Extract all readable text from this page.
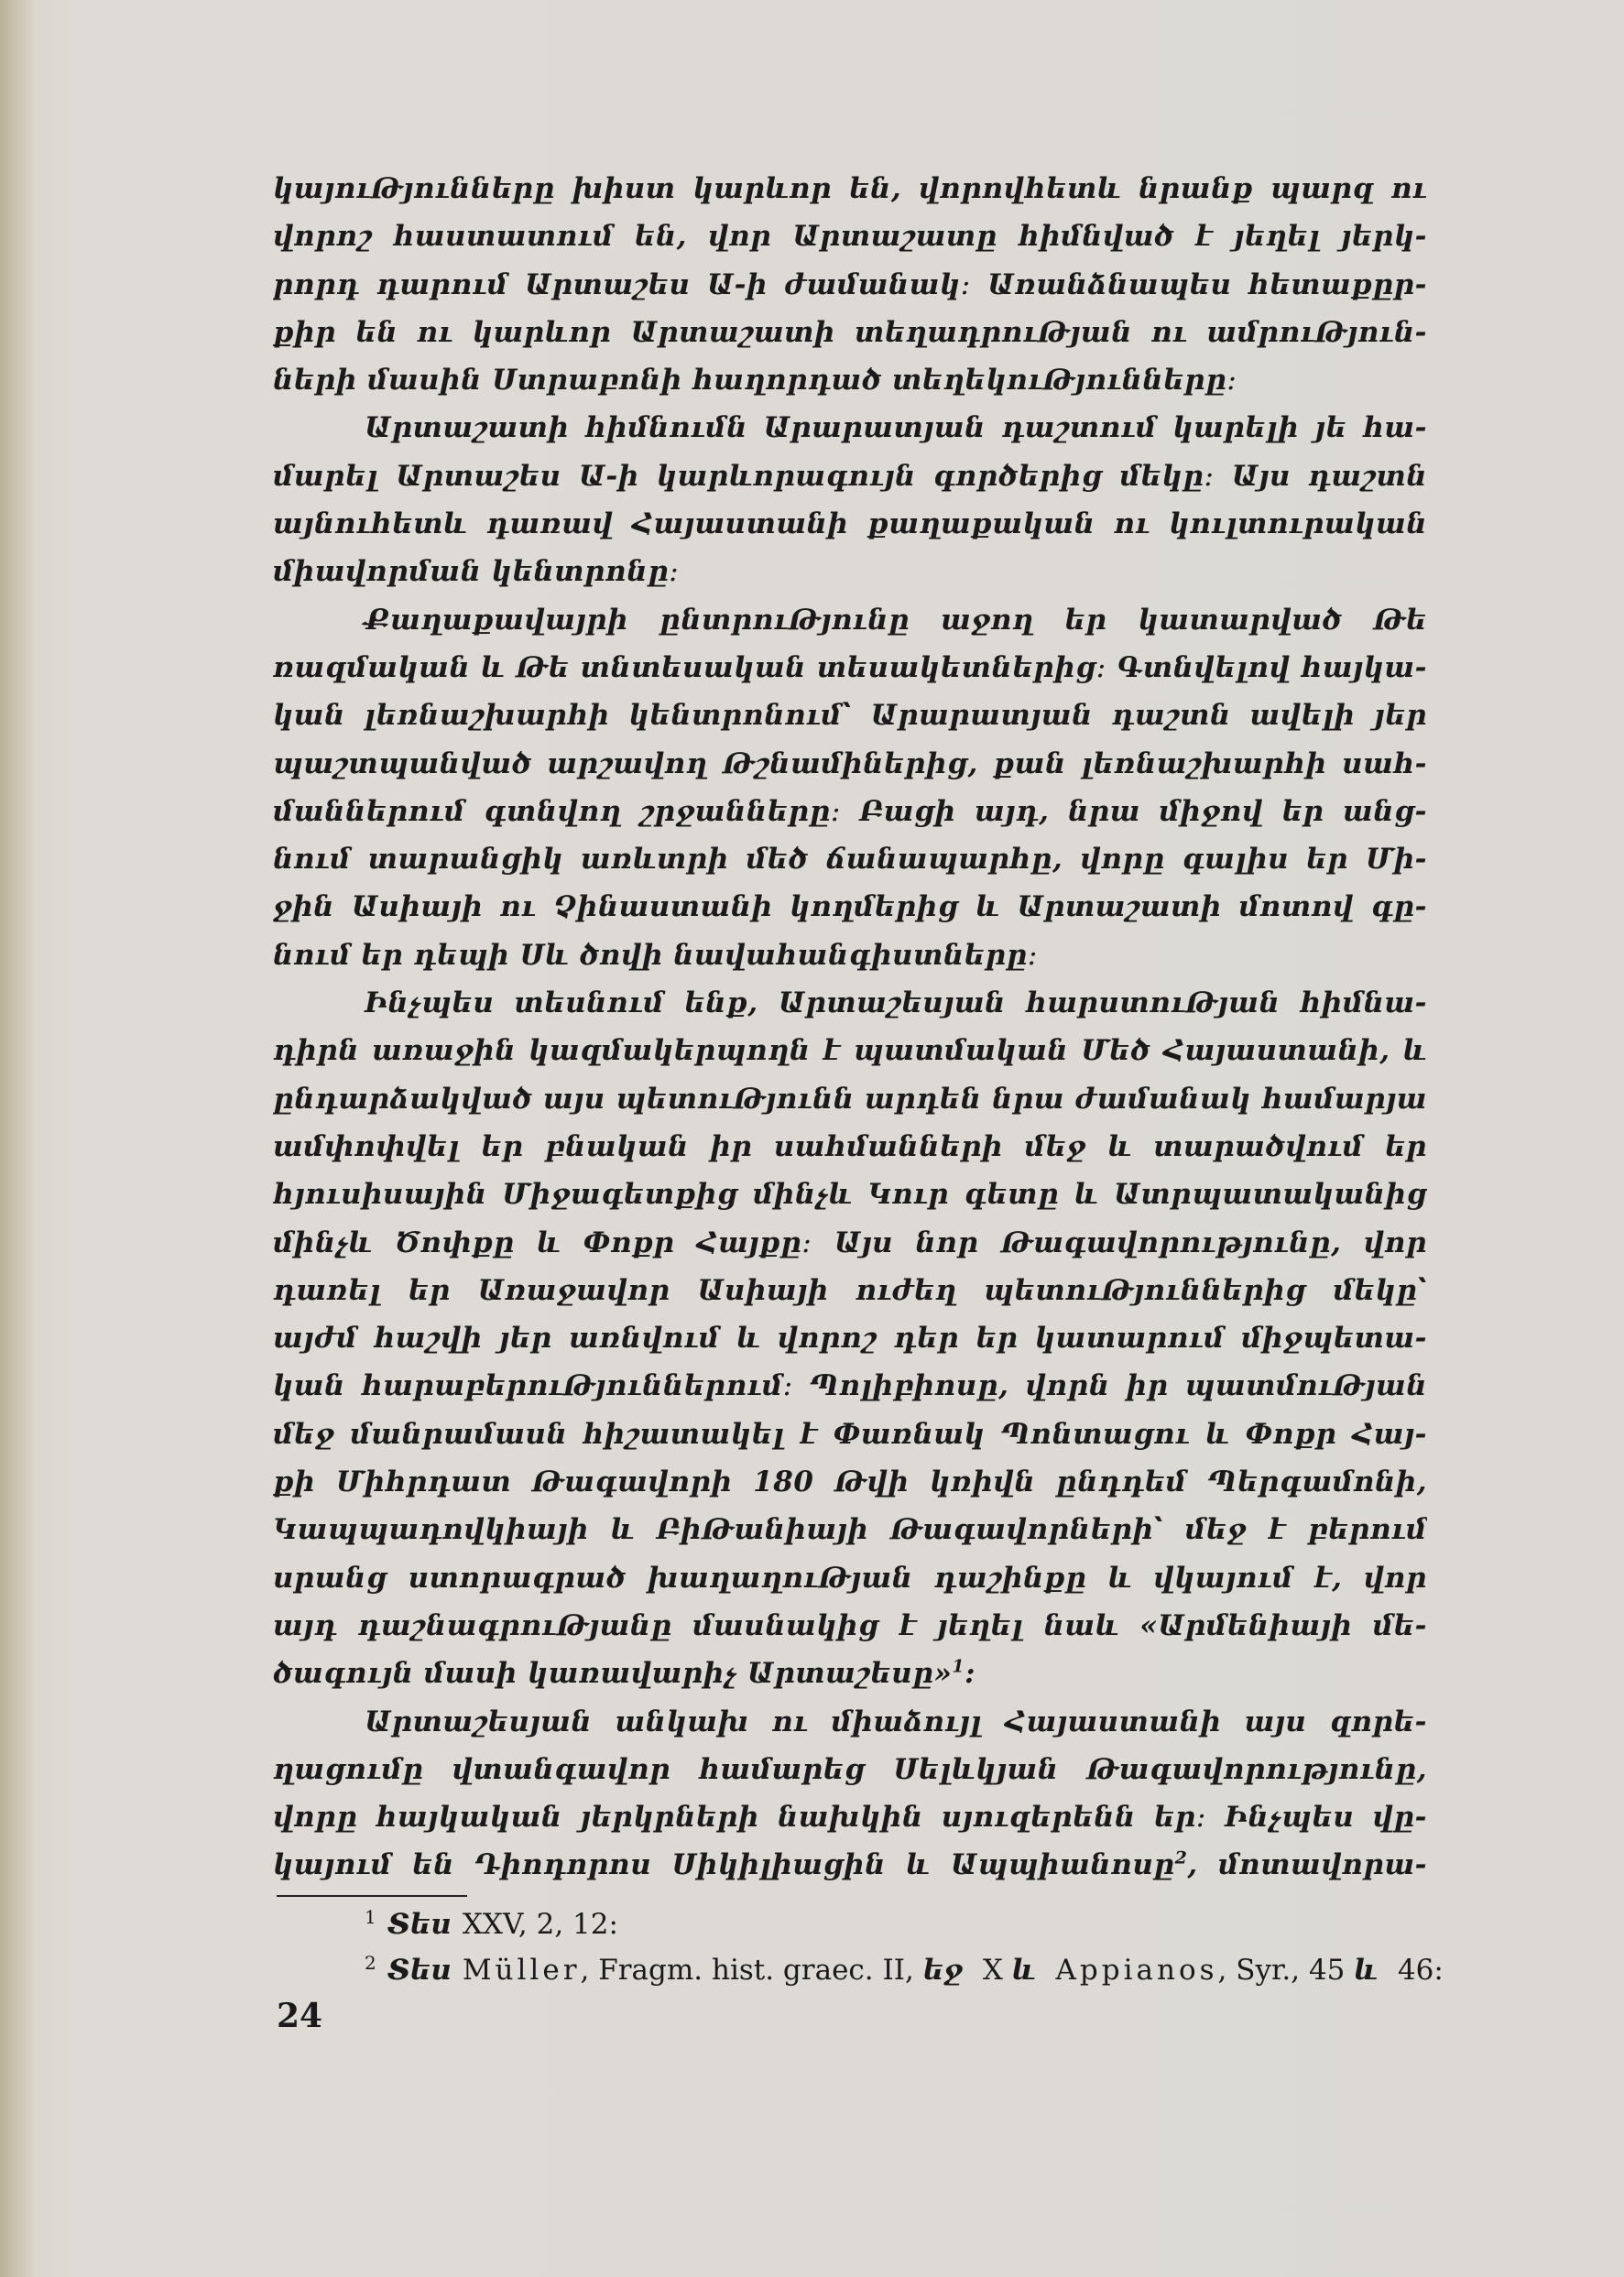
կայուԹյունները խիստ կարևոր են, վորովհետև նրանք պարզ ու
վորոշ հաստատում են, վոր Արտաշատը հիմնված է յեղել յերկ-
րորդ դարում Արտաշես Ա-ի ժամանակ։ Առանձնապես հետաքըր-
քիր են ու կարևոր Արտաշատի տեղադրուԹյան ու ամրուԹյուն-
ների մասին Ստրաբոնի հաղորդած տեղեկուԹյունները։
Արտաշատի հիմնումն Արարատյան դաշտում կարելի յե հա-
մարել Արտաշես Ա-ի կարևորագույն գործերից մեկը։ Այս դաշտն
այնուհետև դառավ Հայաստանի քաղաքական ու կուլտուրական
միավորման կենտրոնը։
Քաղաքավայրի ընտրուԹյունը աջող եր կատարված Թե
ռազմական և Թե տնտեսական տեսակետներից։ Գտնվելով հայկա-
կան լեռնաշխարհի կենտրոնում՝ Արարատյան դաշտն ավելի յեր
պաշտպանված արշավող Թշնամիներից, քան լեռնաշխարհի սահ-
մաններում գտնվող շրջանները։ Բացի այդ, նրա միջով եր անց-
նում տարանցիկ առևտրի մեծ ճանապարհը, վորը գալիս եր Մի-
ջին Ասիայի ու Չինաստանի կողմերից և Արտաշատի մոտով գը-
նում եր դեպի Սև ծովի նավահանգիստները։
Ինչպես տեսնում ենք, Արտաշեսյան հարստուԹյան հիմնա-
դիրն առաջին կազմակերպողն է պատմական Մեծ Հայաստանի, և
ընդարձակված այս պետուԹյունն արդեն նրա ժամանակ համարյա
ամփոփվել եր բնական իր սահմանների մեջ և տարածվում եր
հյուսիսային Միջագետքից մինչև Կուր գետը և Ատրպատականից
մինչև Ծոփքը և Փոքր Հայքը։ Այս նոր Թագավորությունը, վոր
դառել եր Առաջավոր Ասիայի ուժեղ պետուԹյուններից մեկը՝
այժմ հաշվի յեր առնվում և վորոշ դեր եր կատարում միջպետա-
կան հարաբերուԹյուններում։ Պոլիբիոսը, վորն իր պատմուԹյան
մեջ մանրամասն հիշատակել է Փառնակ Պոնտացու և Փոքր Հայ-
քի Միհրդատ Թագավորի 180 Թվի կռիվն ընդդեմ Պերգամոնի,
Կապպադովկիայի և ԲիԹանիայի Թագավորների՝ մեջ է բերում
սրանց ստորագրած խաղաղուԹյան դաշինքը և վկայում է, վոր
այդ դաշնագրուԹյանը մասնակից է յեղել նաև «Արմենիայի մե-
ծագույն մասի կառավարիչ Արտաշեսը»$^1$:
Արտաշեսյան անկախ ու միաձույլ Հայաստանի այս զորե-
ղացումը վտանգավոր համարեց Սելևկյան Թագավորությունը,
վորը հայկական յերկրների նախկին սյուզերենն եր։ Ինչպես վը-
կայում են Դիոդորոս Սիկիլիացին և Ապպիանոսը$^2$, մոտավորա-
$^1$ Տես XXV, 2, 12:
$^2$ Տես Müller, Fragm. hist. graec. II, եջ X և Appianos, Syr., 45 և 46:
24
